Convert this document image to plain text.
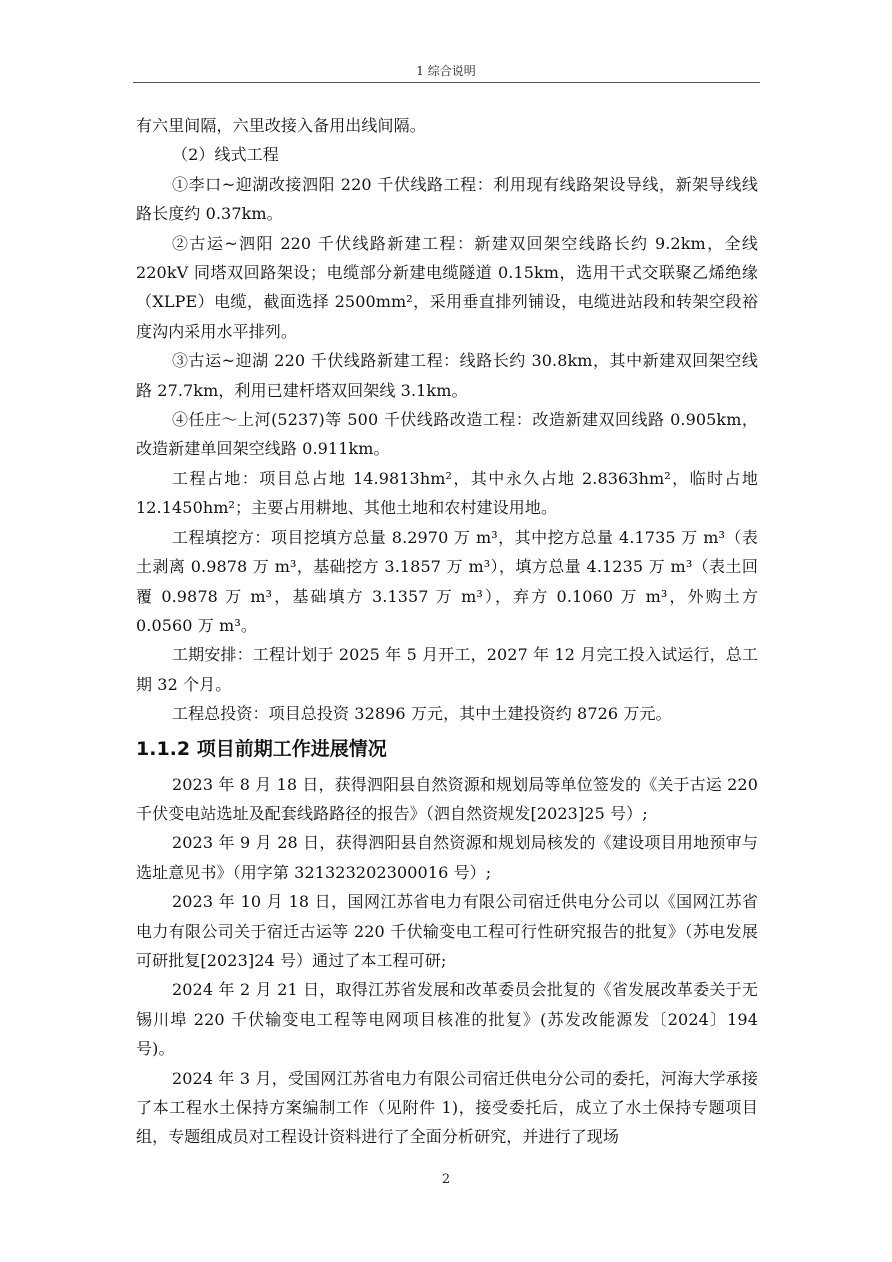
1 综合说明

有六里间隔，六里改接入备用出线间隔。

（2）线式工程

①李口~迎湖改接泗阳 220 千伏线路工程：利用现有线路架设导线，新架导线线路长度约 0.37km。

②古运~泗阳 220 千伏线路新建工程：新建双回架空线路长约 9.2km，全线 220kV 同塔双回路架设；电缆部分新建电缆隧道 0.15km，选用干式交联聚乙烯绝缘（XLPE）电缆，截面选择 2500mm²，采用垂直排列铺设，电缆进站段和转架空段裕度沟内采用水平排列。

③古运~迎湖 220 千伏线路新建工程：线路长约 30.8km，其中新建双回架空线路 27.7km，利用已建杆塔双回架线 3.1km。

④任庄～上河(5237)等 500 千伏线路改造工程：改造新建双回线路 0.905km，改造新建单回架空线路 0.911km。

工程占地：项目总占地 14.9813hm²，其中永久占地 2.8363hm²，临时占地 12.1450hm²；主要占用耕地、其他土地和农村建设用地。

工程填挖方：项目挖填方总量 8.2970 万 m³，其中挖方总量 4.1735 万 m³（表土剥离 0.9878 万 m³，基础挖方 3.1857 万 m³），填方总量 4.1235 万 m³（表土回覆 0.9878 万 m³，基础填方 3.1357 万 m³），弃方 0.1060 万 m³，外购土方 0.0560 万 m³。

工期安排：工程计划于 2025 年 5 月开工，2027 年 12 月完工投入试运行，总工期 32 个月。

工程总投资：项目总投资 32896 万元，其中土建投资约 8726 万元。

1.1.2 项目前期工作进展情况

2023 年 8 月 18 日，获得泗阳县自然资源和规划局等单位签发的《关于古运 220 千伏变电站选址及配套线路路径的报告》（泗自然资规发[2023]25 号）;

2023 年 9 月 28 日，获得泗阳县自然资源和规划局核发的《建设项目用地预审与选址意见书》（用字第 321323202300016 号）;

2023 年 10 月 18 日，国网江苏省电力有限公司宿迁供电分公司以《国网江苏省电力有限公司关于宿迁古运等 220 千伏输变电工程可行性研究报告的批复》（苏电发展可研批复[2023]24 号）通过了本工程可研;

2024 年 2 月 21 日，取得江苏省发展和改革委员会批复的《省发展改革委关于无锡川埠 220 千伏输变电工程等电网项目核准的批复》(苏发改能源发〔2024〕194 号)。

2024 年 3 月，受国网江苏省电力有限公司宿迁供电分公司的委托，河海大学承接了本工程水土保持方案编制工作（见附件 1)，接受委托后，成立了水土保持专题项目组，专题组成员对工程设计资料进行了全面分析研究，并进行了现场

2
